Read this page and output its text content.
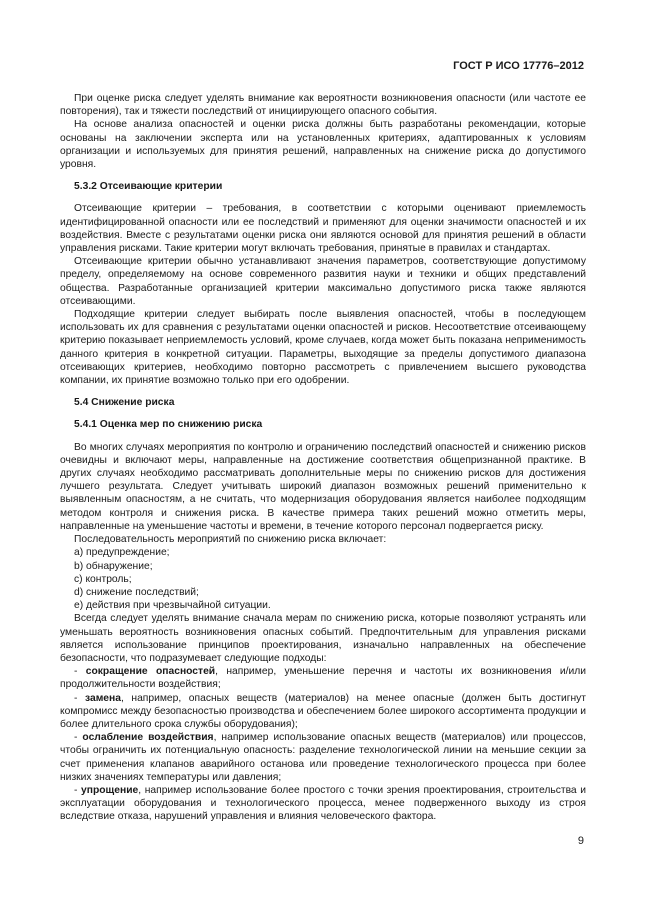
ГОСТ Р ИСО 17776–2012

При оценке риска следует уделять внимание как вероятности возникновения опасности (или частоте ее повторения), так и тяжести последствий от инициирующего опасного события.

На основе анализа опасностей и оценки риска должны быть разработаны рекомендации, которые основаны на заключении эксперта или на установленных критериях, адаптированных к условиям организации и используемых для принятия решений, направленных на снижение риска до допустимого уровня.

5.3.2 Отсеивающие критерии

Отсеивающие критерии – требования, в соответствии с которыми оценивают приемлемость идентифицированной опасности или ее последствий и применяют для оценки значимости опасностей и их воздействия. Вместе с результатами оценки риска они являются основой для принятия решений в области управления рисками. Такие критерии могут включать требования, принятые в правилах и стандартах.

Отсеивающие критерии обычно устанавливают значения параметров, соответствующие допустимому пределу, определяемому на основе современного развития науки и техники и общих представлений общества. Разработанные организацией критерии максимально допустимого риска также являются отсеивающими.

Подходящие критерии следует выбирать после выявления опасностей, чтобы в последующем использовать их для сравнения с результатами оценки опасностей и рисков. Несоответствие отсеивающему критерию показывает неприемлемость условий, кроме случаев, когда может быть показана неприменимость данного критерия в конкретной ситуации. Параметры, выходящие за пределы допустимого диапазона отсеивающих критериев, необходимо повторно рассмотреть с привлечением высшего руководства компании, их принятие возможно только при его одобрении.

5.4 Снижение риска
5.4.1 Оценка мер по снижению риска

Во многих случаях мероприятия по контролю и ограничению последствий опасностей и снижению рисков очевидны и включают меры, направленные на достижение соответствия общепризнанной практике. В других случаях необходимо рассматривать дополнительные меры по снижению рисков для достижения лучшего результата. Следует учитывать широкий диапазон возможных решений применительно к выявленным опасностям, а не считать, что модернизация оборудования является наиболее подходящим методом контроля и снижения риска. В качестве примера таких решений можно отметить меры, направленные на уменьшение частоты и времени, в течение которого персонал подвергается риску.

Последовательность мероприятий по снижению риска включает:

a) предупреждение;
b) обнаружение;
c) контроль;
d) снижение последствий;
e) действия при чрезвычайной ситуации.

Всегда следует уделять внимание сначала мерам по снижению риска, которые позволяют устранять или уменьшать вероятность возникновения опасных событий. Предпочтительным для управления рисками является использование принципов проектирования, изначально направленных на обеспечение безопасности, что подразумевает следующие подходы:

- сокращение опасностей, например, уменьшение перечня и частоты их возникновения и/или продолжительности воздействия;
- замена, например, опасных веществ (материалов) на менее опасные (должен быть достигнут компромисс между безопасностью производства и обеспечением более широкого ассортимента продукции и более длительного срока службы оборудования);
- ослабление воздействия, например использование опасных веществ (материалов) или процессов, чтобы ограничить их потенциальную опасность: разделение технологической линии на меньшие секции за счет применения клапанов аварийного останова или проведение технологического процесса при более низких значениях температуры или давления;
- упрощение, например использование более простого с точки зрения проектирования, строительства и эксплуатации оборудования и технологического процесса, менее подверженного выходу из строя вследствие отказа, нарушений управления и влияния человеческого фактора.
9
